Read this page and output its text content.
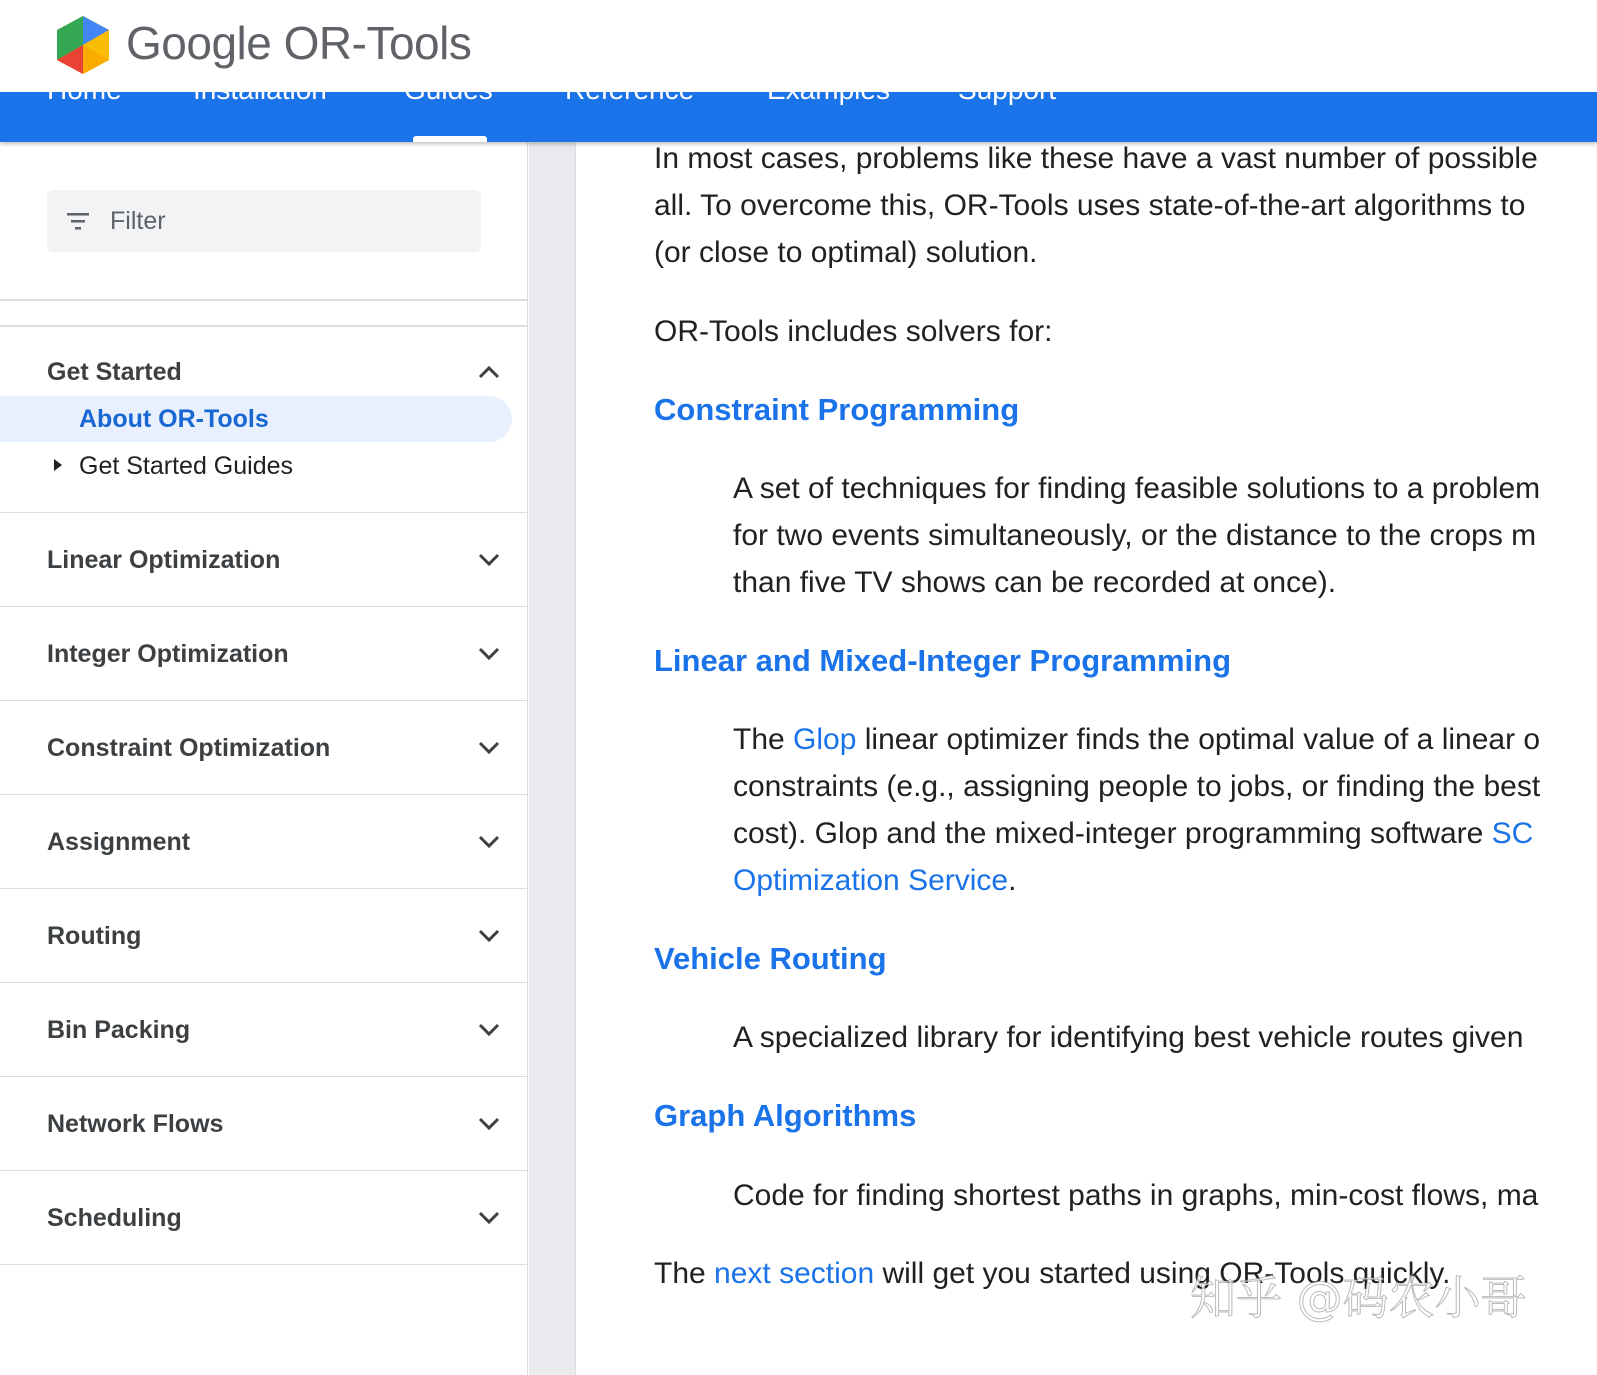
Google OR-Tools
Home	Installation	Guides	Reference	Examples Support
Filter
Get Started
About OR-Tools
Get Started Guides
Linear Optimization
Integer Optimization
Constraint Optimization
Assignment
Routing
Bin Packing
Network Flows
Scheduling
In most cases, problems like these have a vast number of possible
all. To overcome this, OR-Tools uses state-of-the-art algorithms to
(or close to optimal) solution.
OR-Tools includes solvers for:
Constraint Programming
A set of techniques for finding feasible solutions to a problem
for two events simultaneously, or the distance to the crops m
than five TV shows can be recorded at once).
Linear and Mixed-Integer Programming
The Glop linear optimizer finds the optimal value of a linear o
constraints (e.g., assigning people to jobs, or finding the best
cost). Glop and the mixed-integer programming software SC
Optimization Service.
Vehicle Routing
A specialized library for identifying best vehicle routes given
Graph Algorithms
Code for finding shortest paths in graphs, min-cost flows, ma
The next section will get you started using OR-Tools quickly.
知乎 @码农小哥
